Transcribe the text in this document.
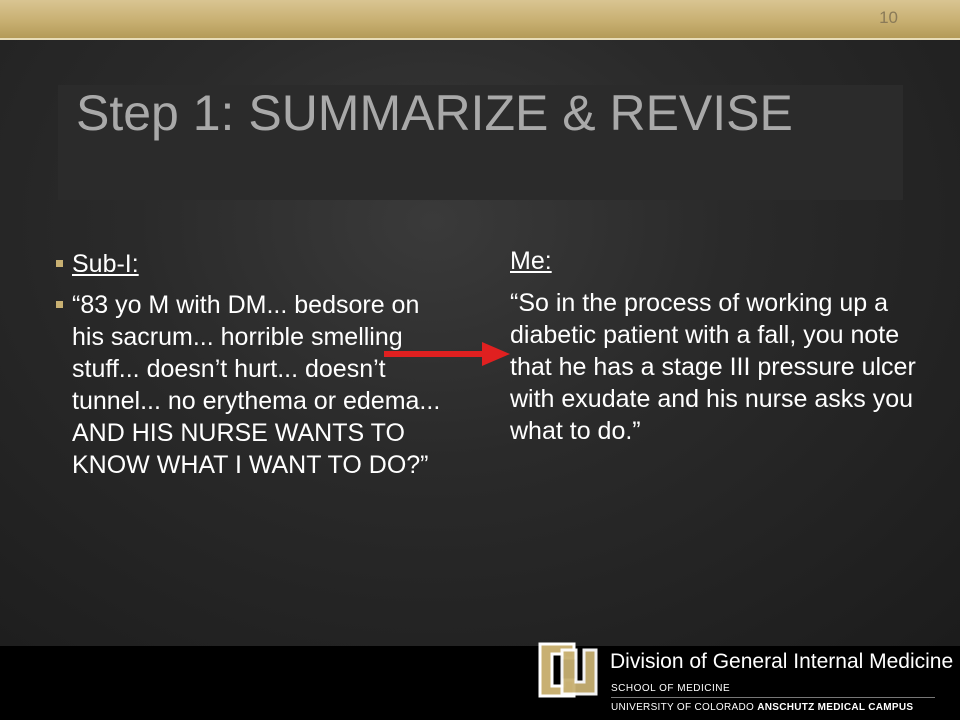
10
Step 1: SUMMARIZE & REVISE
Sub-I:
“83 yo M with DM... bedsore on his sacrum... horrible smelling stuff... doesn’t hurt... doesn’t tunnel... no erythema or edema... AND HIS NURSE WANTS TO KNOW WHAT I WANT TO DO?”

Me:

“So in the process of working up a diabetic patient with a fall, you note that he has a stage III pressure ulcer with exudate and his nurse asks you what to do.”

Division of General Internal Medicine
SCHOOL OF MEDICINE
UNIVERSITY OF COLORADO ANSCHUTZ MEDICAL CAMPUS
